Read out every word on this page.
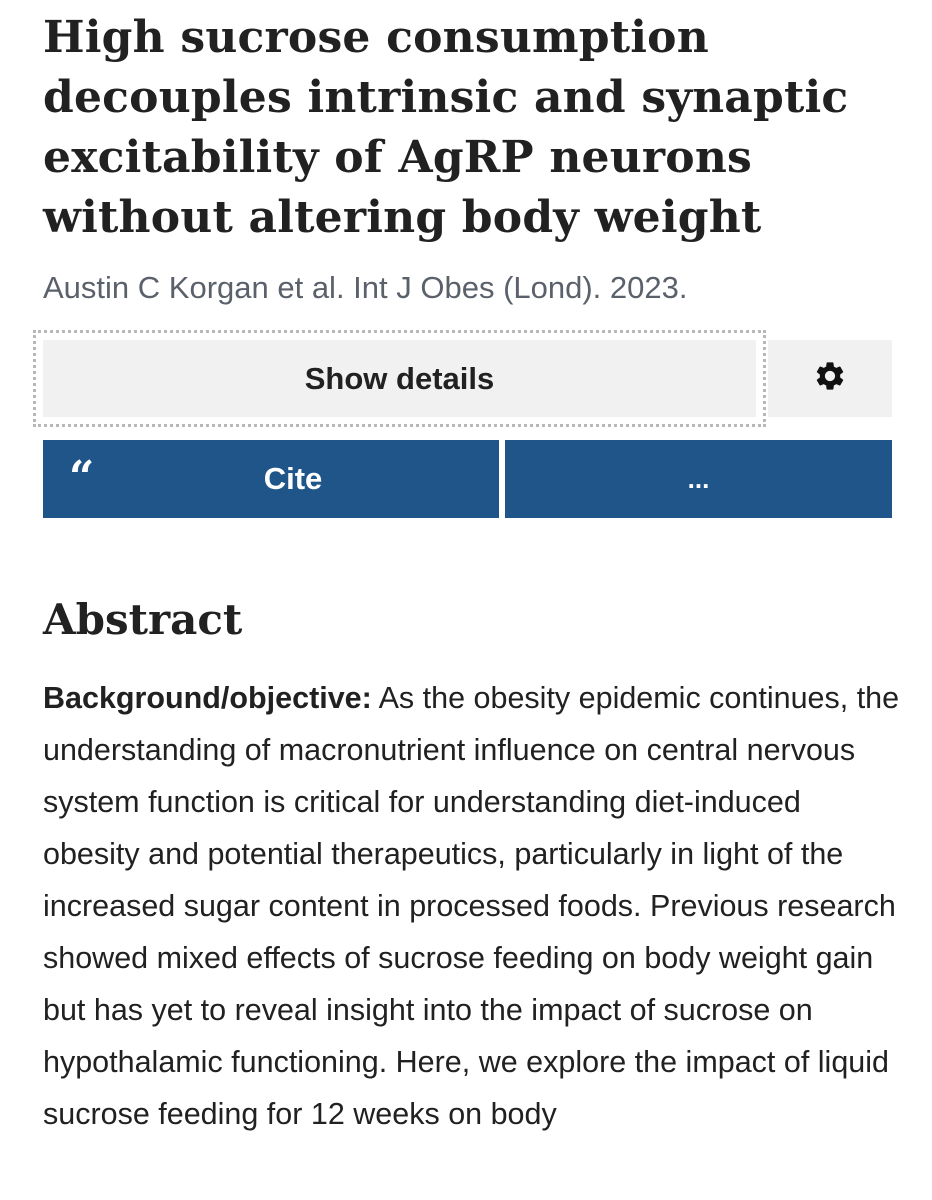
High sucrose consumption decouples intrinsic and synaptic excitability of AgRP neurons without altering body weight
Austin C Korgan et al. Int J Obes (Lond). 2023.
Show details
“	Cite	...
Abstract

Background/objective: As the obesity epidemic continues, the understanding of macronutrient influence on central nervous system function is critical for understanding diet-induced obesity and potential therapeutics, particularly in light of the increased sugar content in processed foods. Previous research showed mixed effects of sucrose feeding on body weight gain but has yet to reveal insight into the impact of sucrose on hypothalamic functioning. Here, we explore the impact of liquid sucrose feeding for 12 weeks on body
